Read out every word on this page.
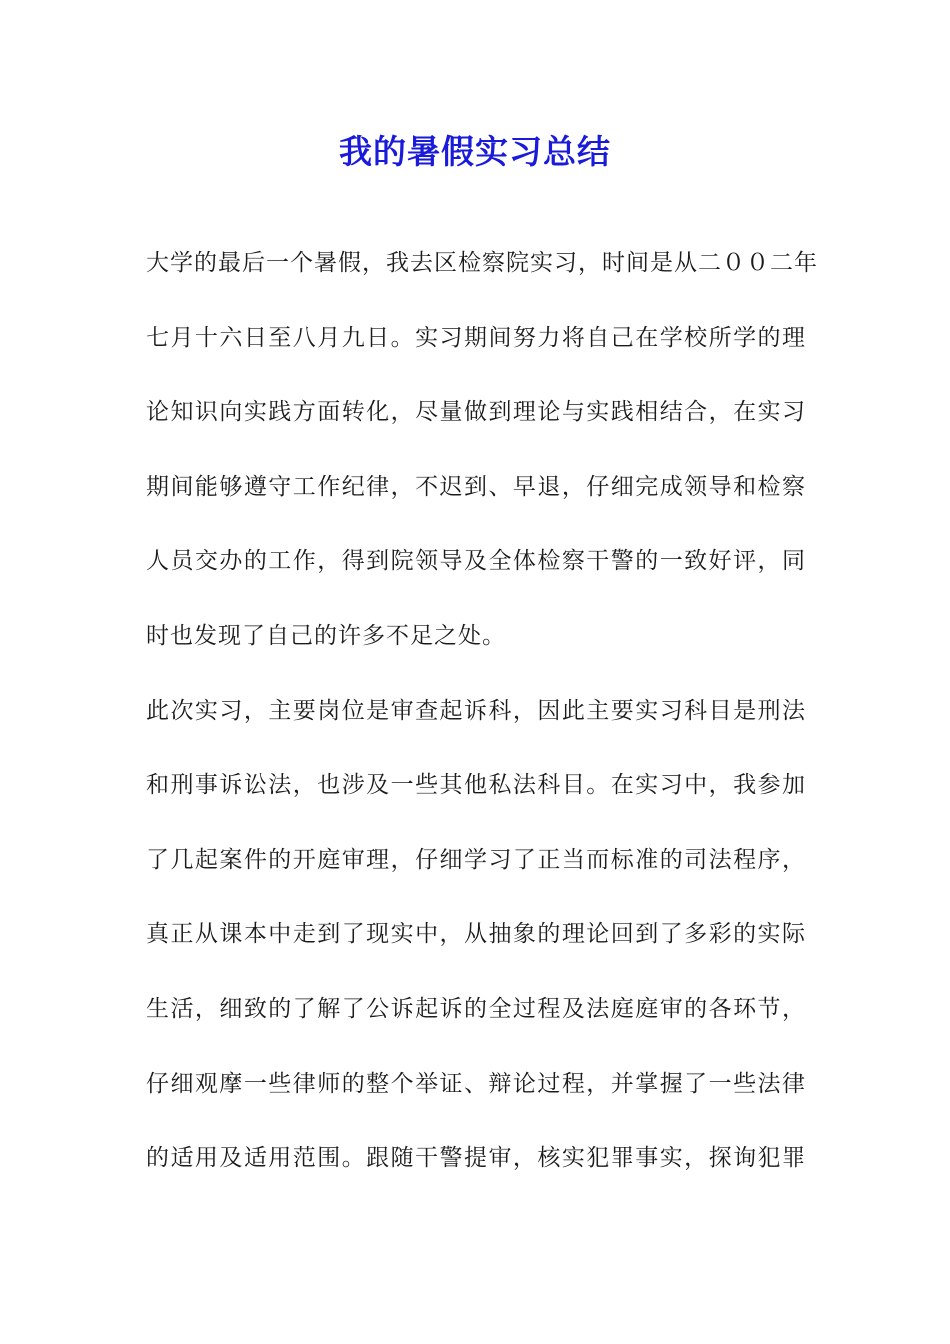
我的暑假实习总结
大学的最后一个暑假，我去区检察院实习，时间是从二００二年
七月十六日至八月九日。实习期间努力将自己在学校所学的理
论知识向实践方面转化，尽量做到理论与实践相结合，在实习
期间能够遵守工作纪律，不迟到、早退，仔细完成领导和检察
人员交办的工作，得到院领导及全体检察干警的一致好评，同
时也发现了自己的许多不足之处。
此次实习，主要岗位是审查起诉科，因此主要实习科目是刑法
和刑事诉讼法，也涉及一些其他私法科目。在实习中，我参加
了几起案件的开庭审理，仔细学习了正当而标准的司法程序，
真正从课本中走到了现实中，从抽象的理论回到了多彩的实际
生活，细致的了解了公诉起诉的全过程及法庭庭审的各环节，
仔细观摩一些律师的整个举证、辩论过程，并掌握了一些法律
的适用及适用范围。跟随干警提审，核实犯罪事实，探询犯罪
